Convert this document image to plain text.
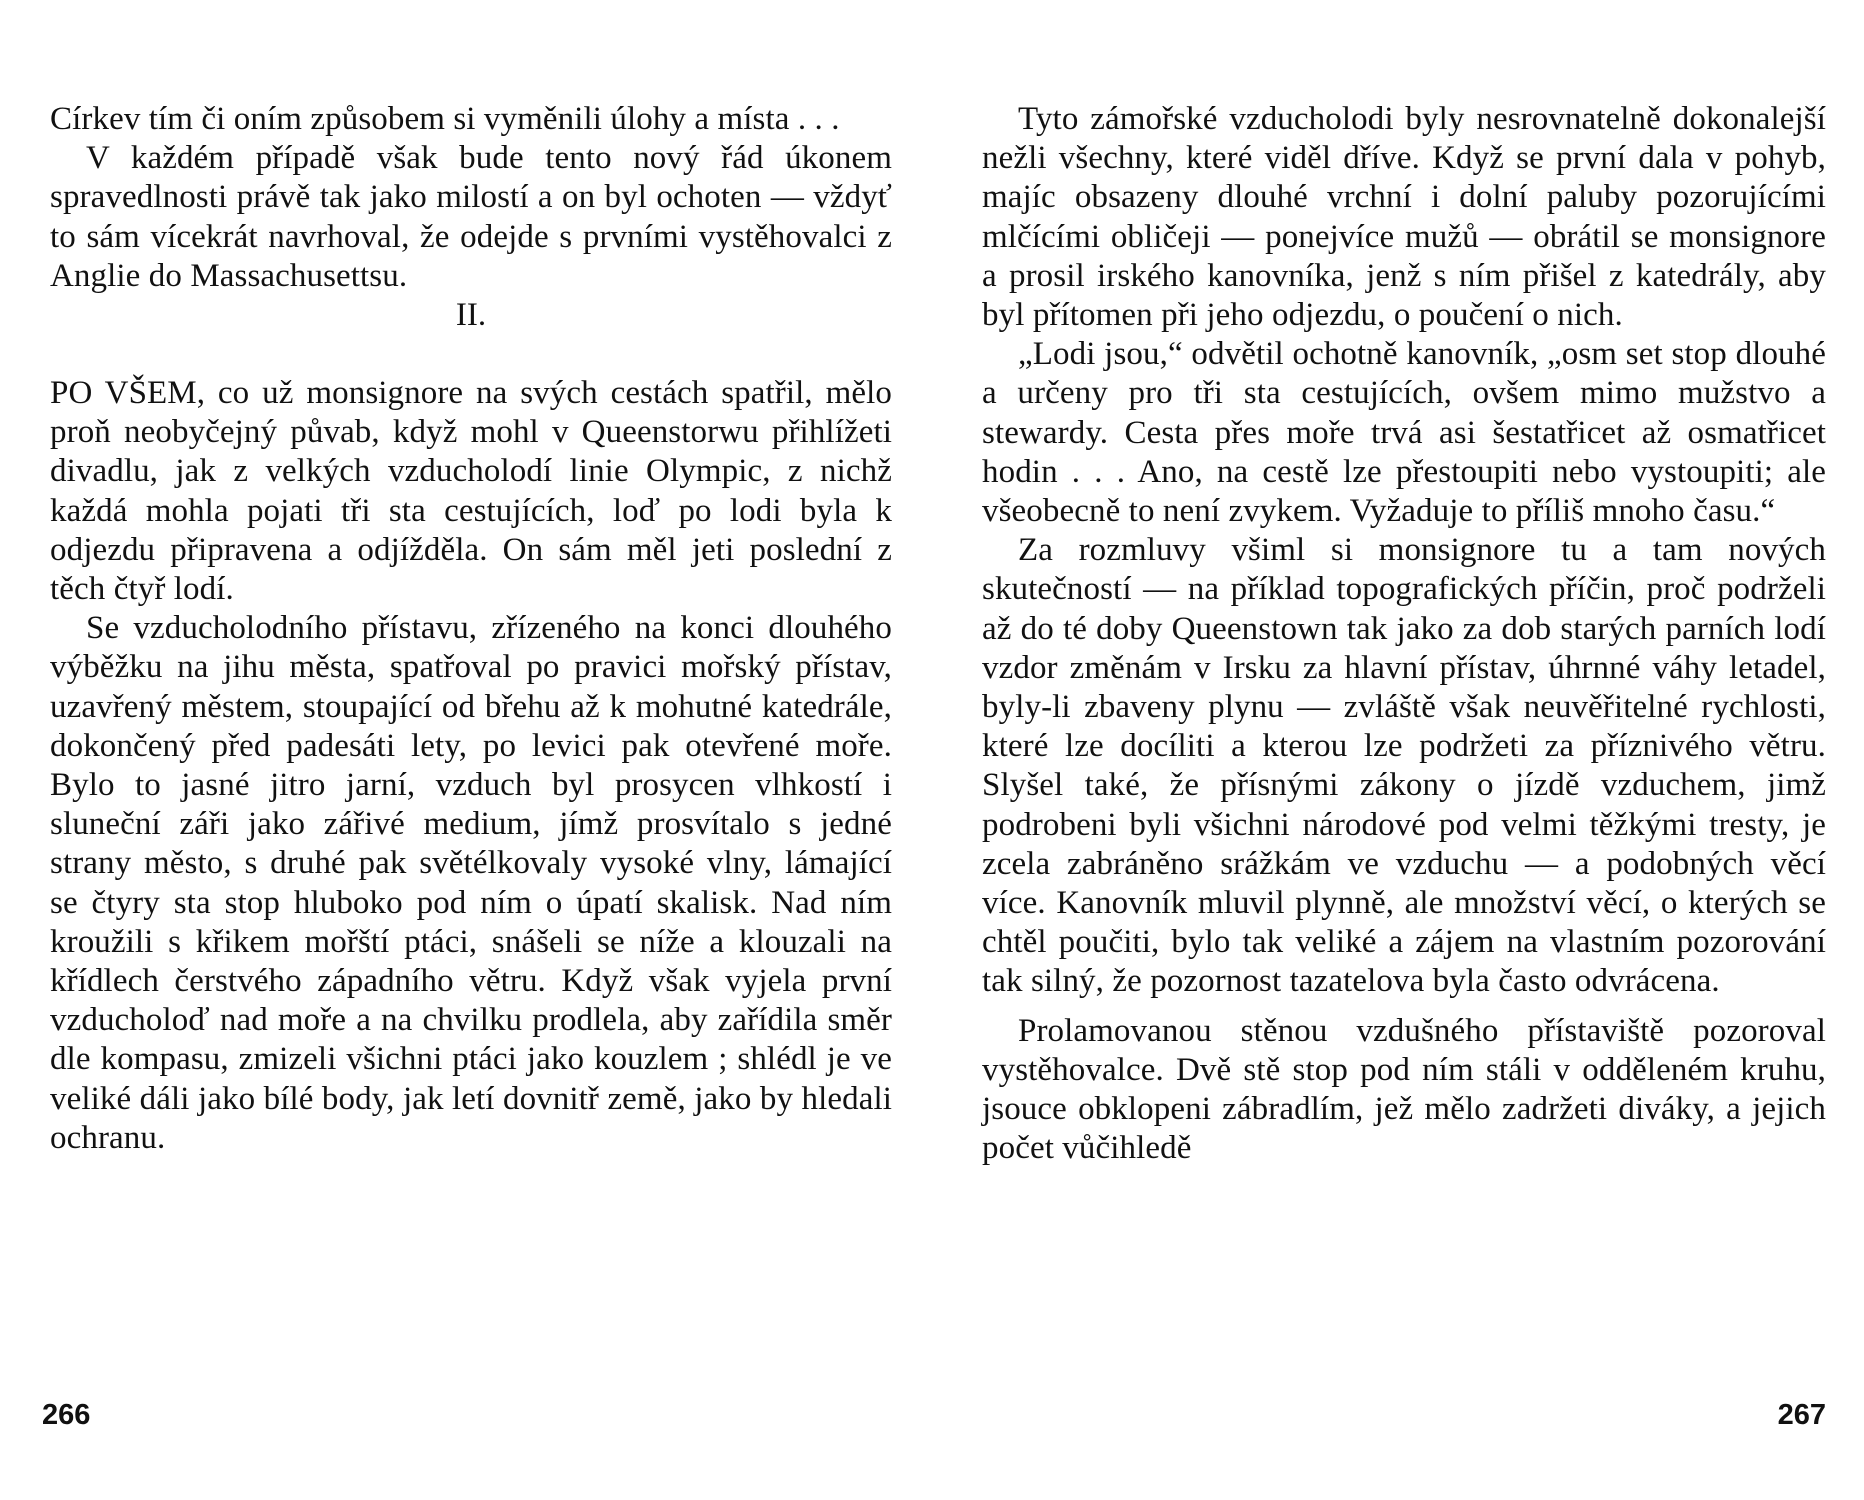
Církev tím či oním způsobem si vyměnili úlohy a místa . . .

V každém případě však bude tento nový řád úkonem spravedlnosti právě tak jako milostí a on byl ochoten — vždyť to sám vícekrát navrhoval, že odejde s prvními vystěhovalci z Anglie do Massachusettsu.

II.

PO VŠEM, co už monsignore na svých cestách spatřil, mělo proň neobyčejný půvab, když mohl v Queenstorwu přihlížeti divadlu, jak z velkých vzducholodí linie Olympic, z nichž každá mohla pojati tři sta cestujících, loď po lodi byla k odjezdu připravena a odjížděla. On sám měl jeti poslední z těch čtyř lodí.

Se vzducholodního přístavu, zřízeného na konci dlouhého výběžku na jihu města, spatřoval po pravici mořský přístav, uzavřený městem, stoupající od břehu až k mohutné katedrále, dokončený před padesáti lety, po levici pak otevřené moře. Bylo to jasné jitro jarní, vzduch byl prosycen vlhkostí i sluneční záři jako zářivé medium, jímž prosvítalo s jedné strany město, s druhé pak světélkovaly vysoké vlny, lámající se čtyry sta stop hluboko pod ním o úpatí skalisk. Nad ním kroužili s křikem mořští ptáci, snášeli se níže a klouzali na křídlech čerstvého západního větru. Když však vyjela první vzducholoď nad moře a na chvilku prodlela, aby zařídila směr dle kompasu, zmizeli všichni ptáci jako kouzlem ; shlédl je ve veliké dáli jako bílé body, jak letí dovnitř země, jako by hledali ochranu.

Tyto zámořské vzducholodi byly nesrovnatelně dokonalejší nežli všechny, které viděl dříve. Když se první dala v pohyb, majíc obsazeny dlouhé vrchní i dolní paluby pozorujícími mlčícími obličeji — ponejvíce mužů — obrátil se monsignore a prosil irského kanovníka, jenž s ním přišel z katedrály, aby byl přítomen při jeho odjezdu, o poučení o nich.

„Lodi jsou,“ odvětil ochotně kanovník, „osm set stop dlouhé a určeny pro tři sta cestujících, ovšem mimo mužstvo a stewardy. Cesta přes moře trvá asi šestatřicet až osmatřicet hodin . . . Ano, na cestě lze přestoupiti nebo vystoupiti; ale všeobecně to není zvykem. Vyžaduje to příliš mnoho času.“

Za rozmluvy všiml si monsignore tu a tam nových skutečností — na příklad topografických příčin, proč podrželi až do té doby Queenstown tak jako za dob starých parních lodí vzdor změnám v Irsku za hlavní přístav, úhrnné váhy letadel, byly-li zbaveny plynu — zvláště však neuvěřitelné rychlosti, které lze docíliti a kterou lze podržeti za příznivého větru. Slyšel také, že přísnými zákony o jízdě vzduchem, jimž podrobeni byli všichni národové pod velmi těžkými tresty, je zcela zabráněno srážkám ve vzduchu — a podobných věcí více. Kanovník mluvil plynně, ale množství věcí, o kterých se chtěl poučiti, bylo tak veliké a zájem na vlastním pozorování tak silný, že pozornost tazatelova byla často odvrácena.

Prolamovanou stěnou vzdušného přístaviště pozoroval vystěhovalce. Dvě stě stop pod ním stáli v odděleném kruhu, jsouce obklopeni zábradlím, jež mělo zadržeti diváky, a jejich počet vůčihledě

266	267
